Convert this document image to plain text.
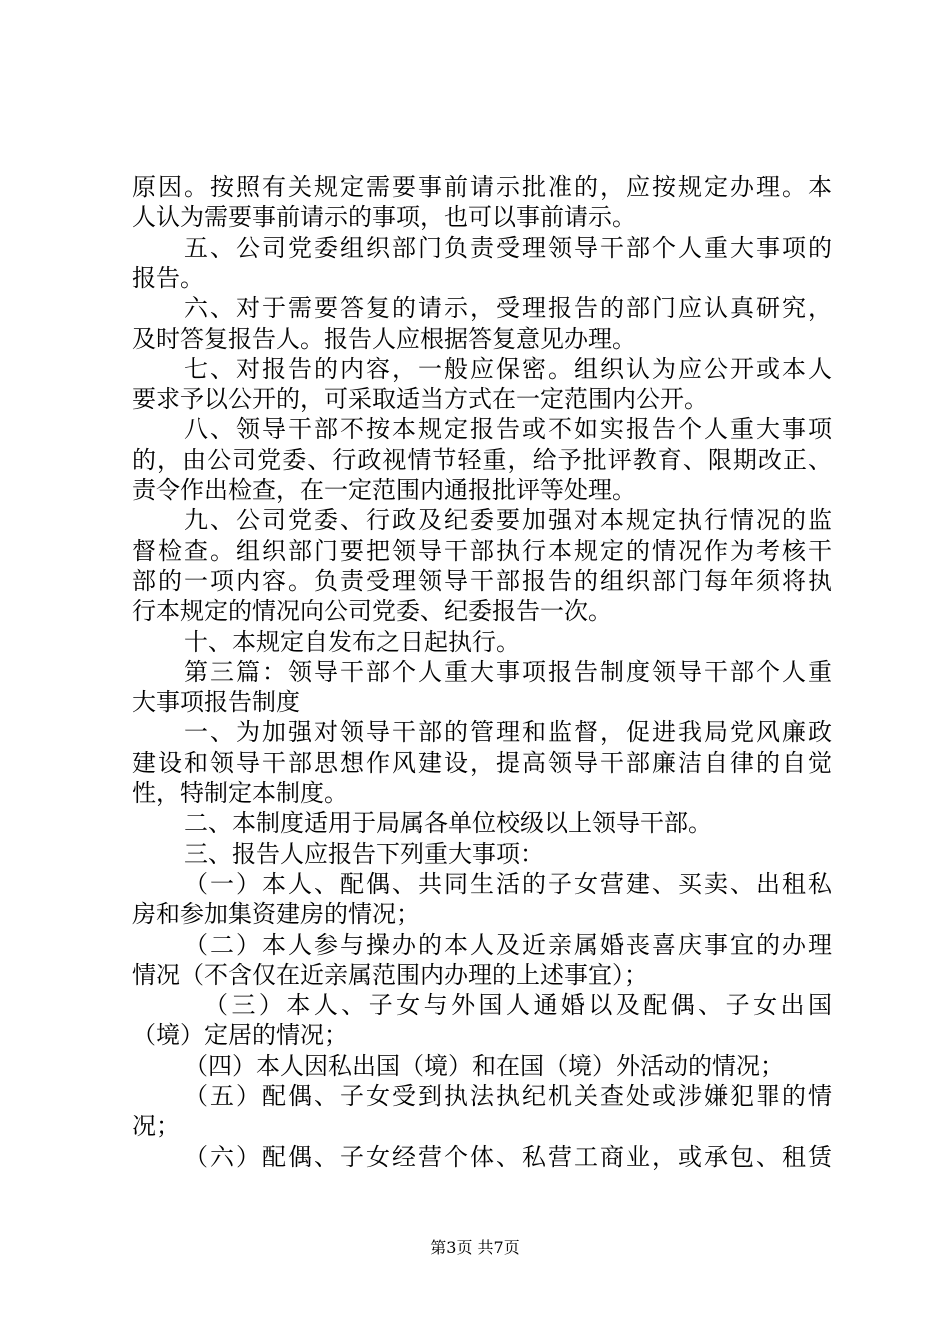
原因。按照有关规定需要事前请示批准的，应按规定办理。本
人认为需要事前请示的事项，也可以事前请示。
五、公司党委组织部门负责受理领导干部个人重大事项的
报告。
六、对于需要答复的请示，受理报告的部门应认真研究，
及时答复报告人。报告人应根据答复意见办理。
七、对报告的内容，一般应保密。组织认为应公开或本人
要求予以公开的，可采取适当方式在一定范围内公开。
八、领导干部不按本规定报告或不如实报告个人重大事项
的，由公司党委、行政视情节轻重，给予批评教育、限期改正、
责令作出检查，在一定范围内通报批评等处理。
九、公司党委、行政及纪委要加强对本规定执行情况的监
督检查。组织部门要把领导干部执行本规定的情况作为考核干
部的一项内容。负责受理领导干部报告的组织部门每年须将执
行本规定的情况向公司党委、纪委报告一次。
十、本规定自发布之日起执行。
第三篇：领导干部个人重大事项报告制度领导干部个人重
大事项报告制度
一、为加强对领导干部的管理和监督，促进我局党风廉政
建设和领导干部思想作风建设，提高领导干部廉洁自律的自觉
性，特制定本制度。
二、本制度适用于局属各单位校级以上领导干部。
三、报告人应报告下列重大事项：
（一）本人、配偶、共同生活的子女营建、买卖、出租私
房和参加集资建房的情况；
（二）本人参与操办的本人及近亲属婚丧喜庆事宜的办理
情况（不含仅在近亲属范围内办理的上述事宜）；
（三）本人、子女与外国人通婚以及配偶、子女出国
（境）定居的情况；
（四）本人因私出国（境）和在国（境）外活动的情况；
（五）配偶、子女受到执法执纪机关查处或涉嫌犯罪的情
况；
（六）配偶、子女经营个体、私营工商业，或承包、租赁
第3页 共7页
